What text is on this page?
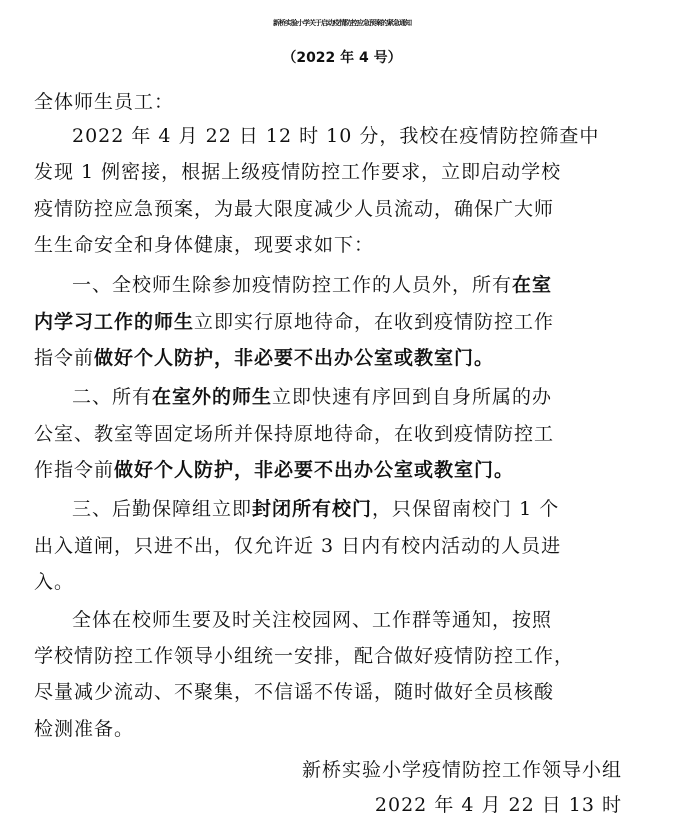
新桥实验小学关于启动疫情防控应急预案的紧急通知
（2022 年 4 号）
全体师生员工：
2022 年 4 月 22 日 12 时 10 分，我校在疫情防控筛查中
发现 1 例密接，根据上级疫情防控工作要求，立即启动学校
疫情防控应急预案，为最大限度减少人员流动，确保广大师
生生命安全和身体健康，现要求如下：
一、全校师生除参加疫情防控工作的人员外，所有在室
内学习工作的师生立即实行原地待命，在收到疫情防控工作
指令前做好个人防护，非必要不出办公室或教室门。
二、所有在室外的师生立即快速有序回到自身所属的办
公室、教室等固定场所并保持原地待命，在收到疫情防控工
作指令前做好个人防护，非必要不出办公室或教室门。
三、后勤保障组立即封闭所有校门，只保留南校门 1 个
出入道闸，只进不出，仅允许近 3 日内有校内活动的人员进
入。
全体在校师生要及时关注校园网、工作群等通知，按照
学校情防控工作领导小组统一安排，配合做好疫情防控工作，
尽量减少流动、不聚集，不信谣不传谣，随时做好全员核酸
检测准备。
新桥实验小学疫情防控工作领导小组
2022 年 4 月 22 日 13 时
